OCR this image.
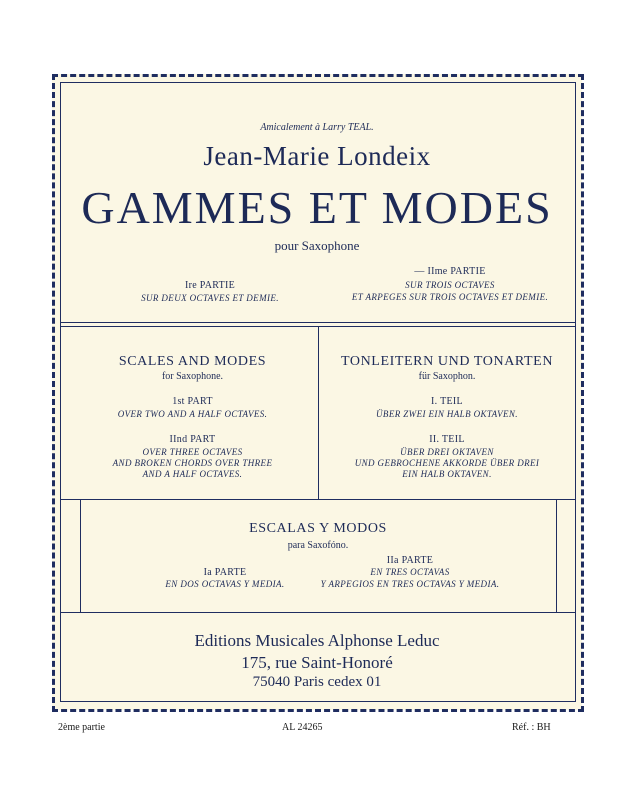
Amicalement à Larry TEAL.
Jean-Marie Londeix
GAMMES ET MODES
pour Saxophone
Ire PARTIE
SUR DEUX OCTAVES ET DEMIE.
— IIme PARTIE
SUR TROIS OCTAVES
ET ARPEGES SUR TROIS OCTAVES ET DEMIE.
SCALES AND MODES
for Saxophone.
1st PART
OVER TWO AND A HALF OCTAVES.
IInd PART
OVER THREE OCTAVES
AND BROKEN CHORDS OVER THREE
AND A HALF OCTAVES.
TONLEITERN UND TONARTEN
für Saxophon.
I. TEIL
ÜBER ZWEI EIN HALB OKTAVEN.
II. TEIL
ÜBER DREI OKTAVEN
UND GEBROCHENE AKKORDE ÜBER DREI
EIN HALB OKTAVEN.
ESCALAS Y MODOS
para Saxofóno.
Ia PARTE
EN DOS OCTAVAS Y MEDIA.
IIa PARTE
EN TRES OCTAVAS
Y ARPEGIOS EN TRES OCTAVAS Y MEDIA.
Editions Musicales Alphonse Leduc
175, rue Saint-Honoré
75040 Paris cedex 01
2ème partie	AL 24265	Réf. : BH
